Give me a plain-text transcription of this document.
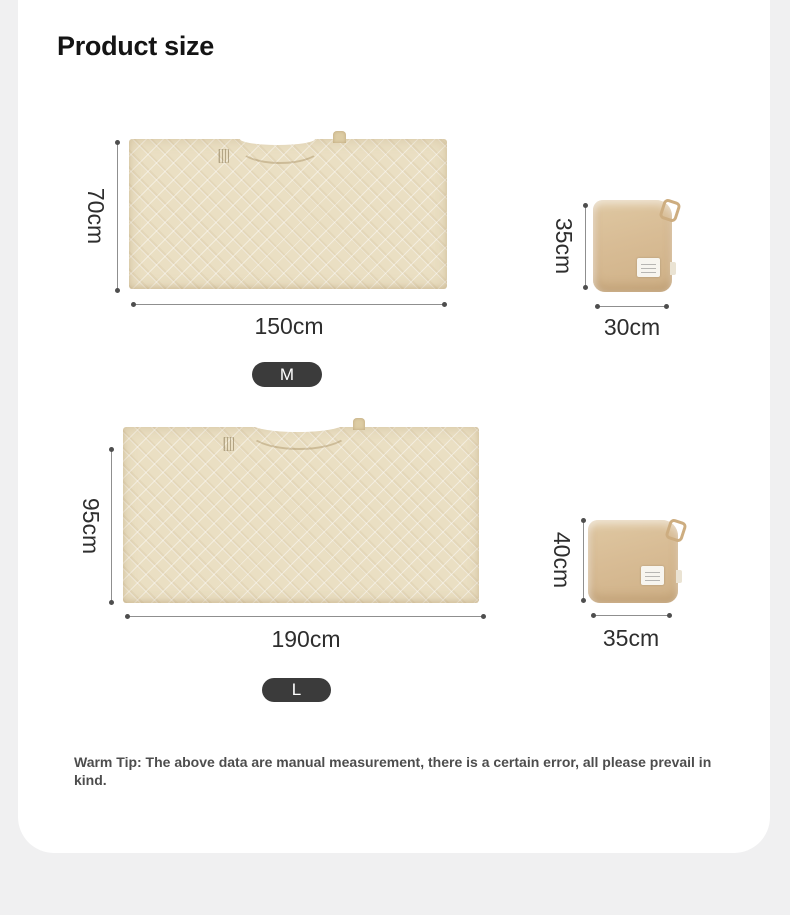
Product size
70cm
150cm
M
35cm
30cm
95cm
190cm
L
40cm
35cm
Warm Tip: The above data are manual measurement, there is a certain error, all please prevail in kind.
